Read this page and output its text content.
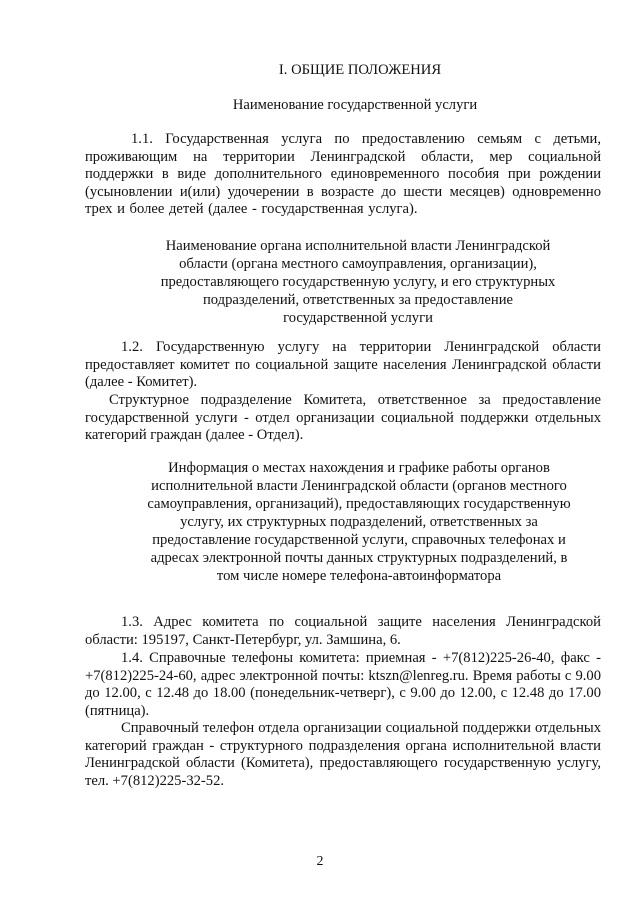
I. ОБЩИЕ ПОЛОЖЕНИЯ

Наименование государственной услуги

1.1. Государственная услуга по предоставлению семьям с детьми, проживающим на территории Ленинградской области, мер социальной поддержки в виде дополнительного единовременного пособия при рождении (усыновлении и(или) удочерении в возрасте до шести месяцев) одновременно трех и более детей (далее - государственная услуга).

Наименование органа исполнительной власти Ленинградской области (органа местного самоуправления, организации), предоставляющего государственную услугу, и его структурных подразделений, ответственных за предоставление государственной услуги

1.2. Государственную услугу на территории Ленинградской области предоставляет комитет по социальной защите населения Ленинградской области (далее - Комитет).

Структурное подразделение Комитета, ответственное за предоставление государственной услуги - отдел организации социальной поддержки отдельных категорий граждан (далее - Отдел).

Информация о местах нахождения и графике работы органов исполнительной власти Ленинградской области (органов местного самоуправления, организаций), предоставляющих государственную услугу, их структурных подразделений, ответственных за предоставление государственной услуги, справочных телефонах и адресах электронной почты данных структурных подразделений, в том числе номере телефона-автоинформатора

1.3. Адрес комитета по социальной защите населения Ленинградской области: 195197, Санкт-Петербург, ул. Замшина, 6.

1.4. Справочные телефоны комитета: приемная - +7(812)225-26-40, факс - +7(812)225-24-60, адрес электронной почты: ktszn@lenreg.ru. Время работы с 9.00 до 12.00, с 12.48 до 18.00 (понедельник-четверг), с 9.00 до 12.00, с 12.48 до 17.00 (пятница).

Справочный телефон отдела организации социальной поддержки отдельных категорий граждан - структурного подразделения органа исполнительной власти Ленинградской области (Комитета), предоставляющего государственную услугу, тел. +7(812)225-32-52.

2
